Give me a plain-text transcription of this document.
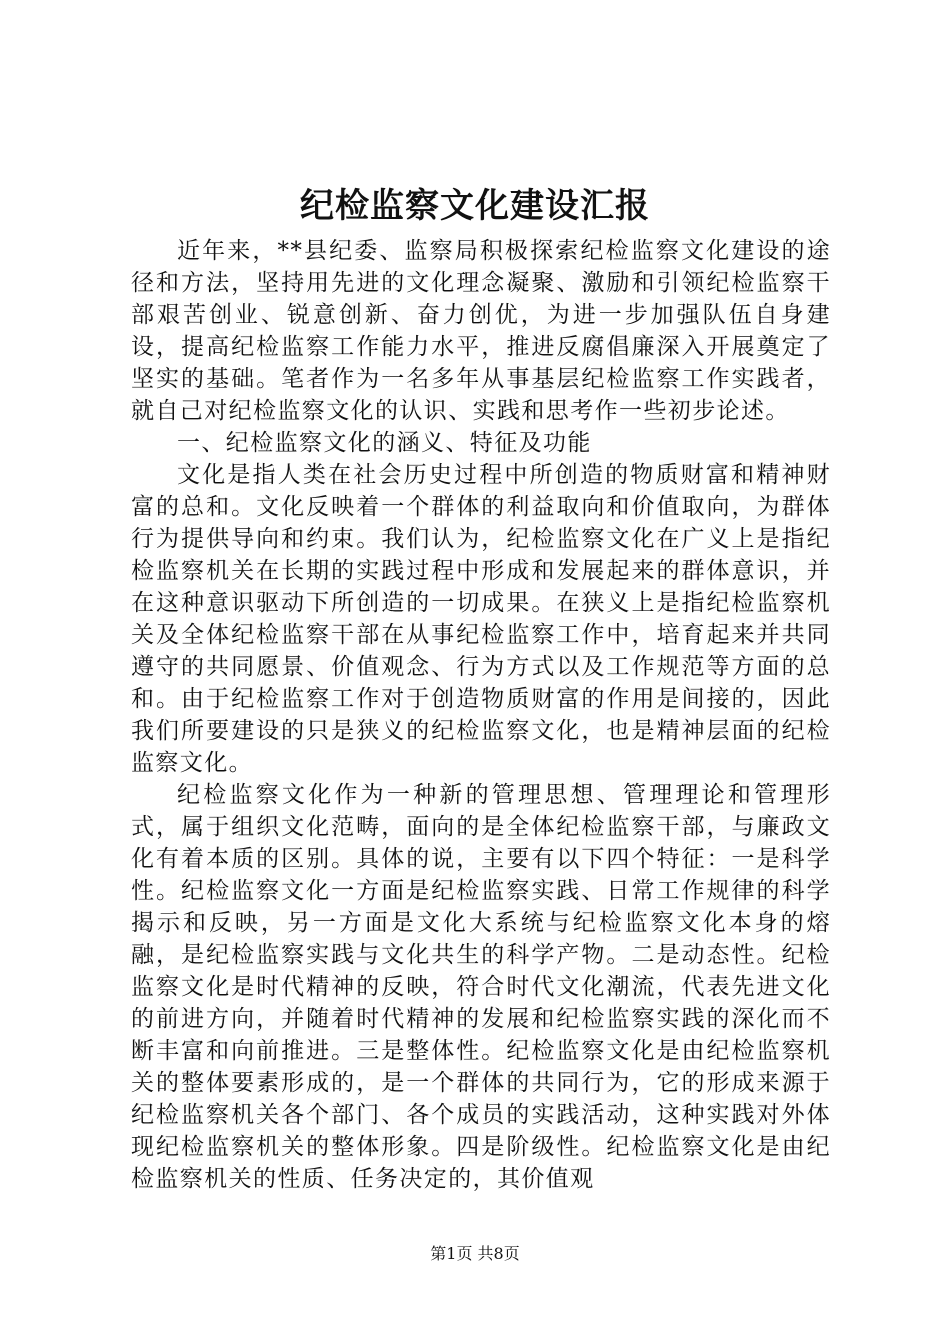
纪检监察文化建设汇报

近年来，**县纪委、监察局积极探索纪检监察文化建设的途径和方法，坚持用先进的文化理念凝聚、激励和引领纪检监察干部艰苦创业、锐意创新、奋力创优，为进一步加强队伍自身建设，提高纪检监察工作能力水平，推进反腐倡廉深入开展奠定了坚实的基础。笔者作为一名多年从事基层纪检监察工作实践者，就自己对纪检监察文化的认识、实践和思考作一些初步论述。

一、纪检监察文化的涵义、特征及功能

文化是指人类在社会历史过程中所创造的物质财富和精神财富的总和。文化反映着一个群体的利益取向和价值取向，为群体行为提供导向和约束。我们认为，纪检监察文化在广义上是指纪检监察机关在长期的实践过程中形成和发展起来的群体意识，并在这种意识驱动下所创造的一切成果。在狭义上是指纪检监察机关及全体纪检监察干部在从事纪检监察工作中，培育起来并共同遵守的共同愿景、价值观念、行为方式以及工作规范等方面的总和。由于纪检监察工作对于创造物质财富的作用是间接的，因此我们所要建设的只是狭义的纪检监察文化，也是精神层面的纪检监察文化。

纪检监察文化作为一种新的管理思想、管理理论和管理形式，属于组织文化范畴，面向的是全体纪检监察干部，与廉政文化有着本质的区别。具体的说，主要有以下四个特征：一是科学性。纪检监察文化一方面是纪检监察实践、日常工作规律的科学揭示和反映，另一方面是文化大系统与纪检监察文化本身的熔融，是纪检监察实践与文化共生的科学产物。二是动态性。纪检监察文化是时代精神的反映，符合时代文化潮流，代表先进文化的前进方向，并随着时代精神的发展和纪检监察实践的深化而不断丰富和向前推进。三是整体性。纪检监察文化是由纪检监察机关的整体要素形成的，是一个群体的共同行为，它的形成来源于纪检监察机关各个部门、各个成员的实践活动，这种实践对外体现纪检监察机关的整体形象。四是阶级性。纪检监察文化是由纪检监察机关的性质、任务决定的，其价值观

第1页 共8页
